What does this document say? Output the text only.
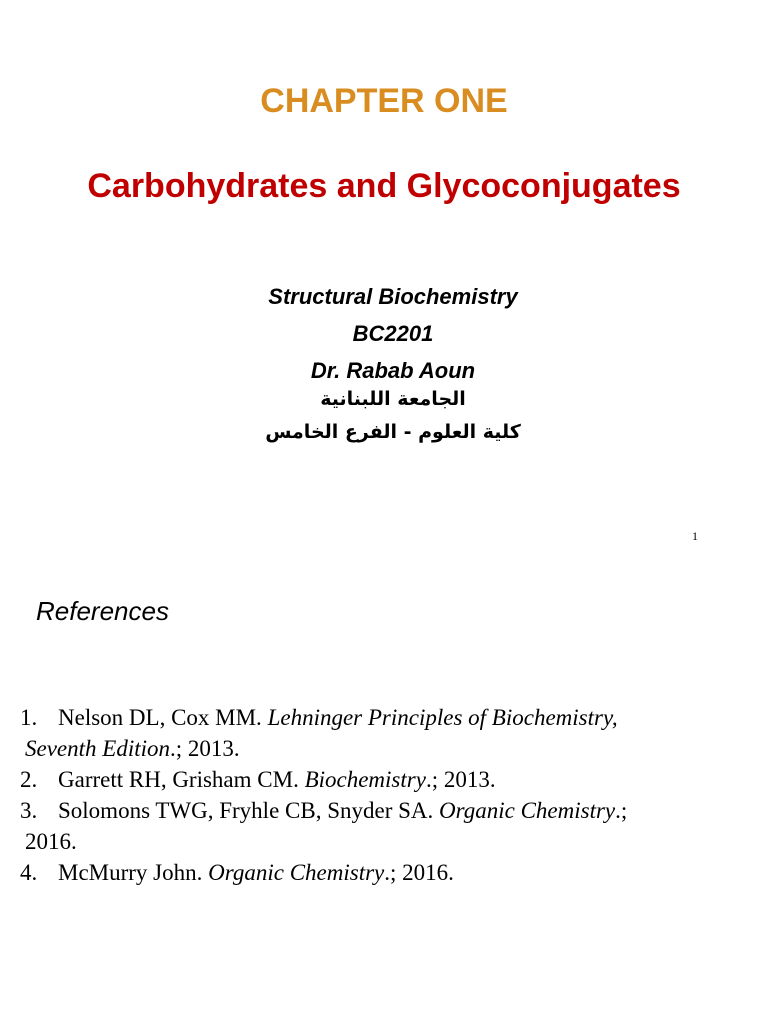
CHAPTER ONE
Carbohydrates and Glycoconjugates
Structural Biochemistry
BC2201
Dr. Rabab Aoun
الجامعة اللبنانية
كلية العلوم - الفرع الخامس
1
References
1. Nelson DL, Cox MM. Lehninger Principles of Biochemistry,
Seventh Edition.; 2013.
2. Garrett RH, Grisham CM. Biochemistry.; 2013.
3. Solomons TWG, Fryhle CB, Snyder SA. Organic Chemistry.;
2016.
4. McMurry John. Organic Chemistry.; 2016.
